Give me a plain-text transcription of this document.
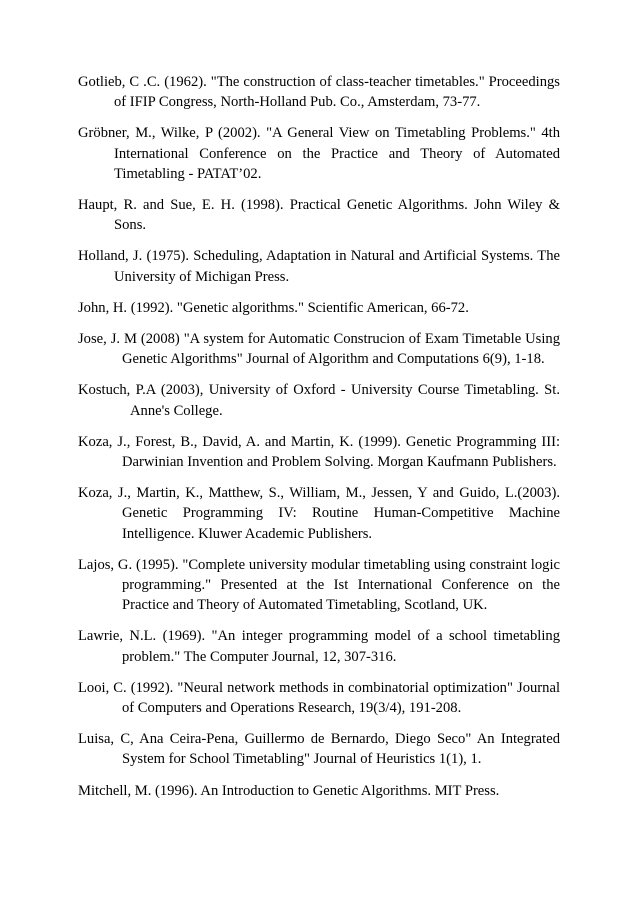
Gotlieb, C .C. (1962). "The construction of class-teacher timetables." Proceedings of IFIP Congress, North-Holland Pub. Co., Amsterdam, 73-77.
Gröbner, M., Wilke, P (2002). "A General View on Timetabling Problems." 4th International Conference on the Practice and Theory of Automated Timetabling - PATAT’02.
Haupt, R. and Sue, E. H. (1998). Practical Genetic Algorithms. John Wiley & Sons.
Holland, J. (1975). Scheduling, Adaptation in Natural and Artificial Systems. The University of Michigan Press.
John, H. (1992). "Genetic algorithms." Scientific American, 66-72.
Jose, J. M (2008) "A system for Automatic Construcion of Exam Timetable Using Genetic Algorithms" Journal of Algorithm and Computations 6(9), 1-18.
Kostuch, P.A (2003), University of Oxford - University Course Timetabling. St. Anne's College.
Koza, J., Forest, B., David, A. and Martin, K. (1999). Genetic Programming III: Darwinian Invention and Problem Solving. Morgan Kaufmann Publishers.
Koza, J., Martin, K., Matthew, S., William, M., Jessen, Y and Guido, L.(2003). Genetic Programming IV: Routine Human-Competitive Machine Intelligence. Kluwer Academic Publishers.
Lajos, G. (1995). "Complete university modular timetabling using constraint logic programming." Presented at the Ist International Conference on the Practice and Theory of Automated Timetabling, Scotland, UK.
Lawrie, N.L. (1969). "An integer programming model of a school timetabling problem." The Computer Journal, 12, 307-316.
Looi, C. (1992). "Neural network methods in combinatorial optimization" Journal of Computers and Operations Research, 19(3/4), 191-208.
Luisa, C, Ana Ceira-Pena, Guillermo de Bernardo, Diego Seco" An Integrated System for School Timetabling" Journal of Heuristics 1(1), 1.
Mitchell, M. (1996). An Introduction to Genetic Algorithms. MIT Press.
